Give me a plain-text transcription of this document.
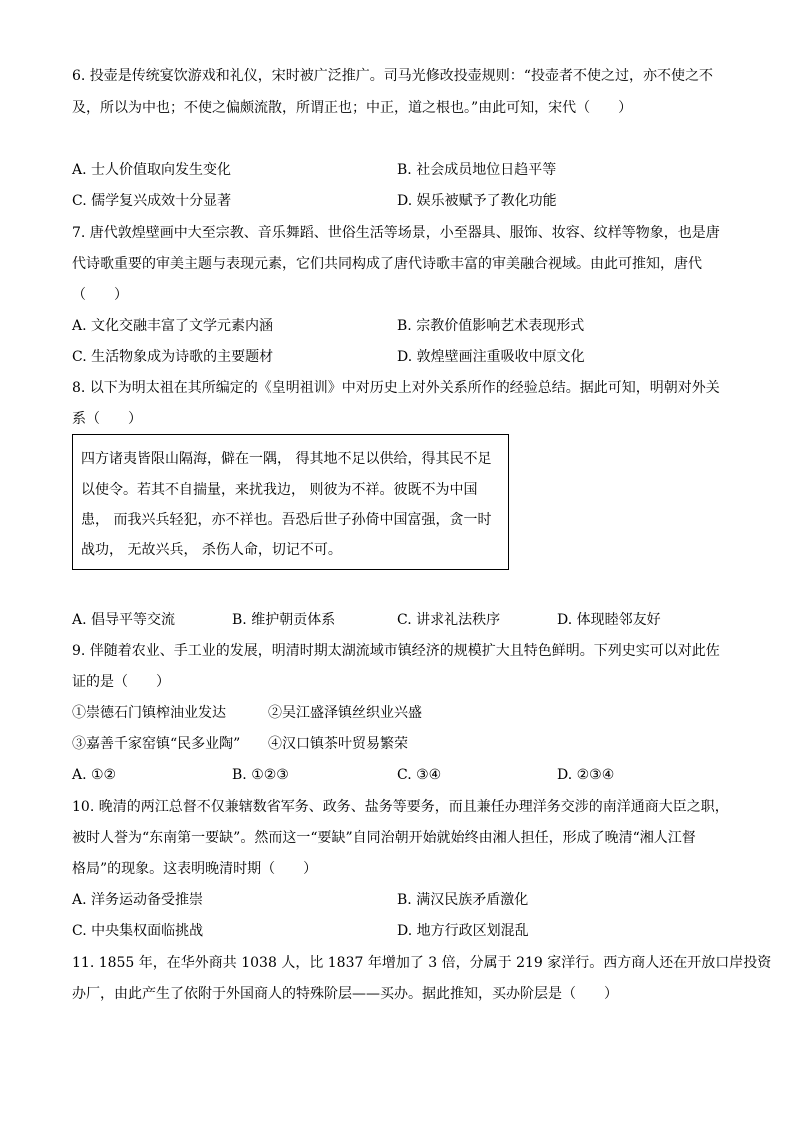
6. 投壶是传统宴饮游戏和礼仪，宋时被广泛推广。司马光修改投壶规则：“投壶者不使之过，亦不使之不
及，所以为中也；不使之偏颇流散，所谓正也；中正，道之根也。”由此可知，宋代（　　）
A. 士人价值取向发生变化	B. 社会成员地位日趋平等
C. 儒学复兴成效十分显著	D. 娱乐被赋予了教化功能
7. 唐代敦煌壁画中大至宗教、音乐舞蹈、世俗生活等场景，小至器具、服饰、妆容、纹样等物象，也是唐
代诗歌重要的审美主题与表现元素，它们共同构成了唐代诗歌丰富的审美融合视域。由此可推知，唐代
（　　）
A. 文化交融丰富了文学元素内涵	B. 宗教价值影响艺术表现形式
C. 生活物象成为诗歌的主要题材	D. 敦煌壁画注重吸收中原文化
8. 以下为明太祖在其所编定的《皇明祖训》中对历史上对外关系所作的经验总结。据此可知，明朝对外关
系（　　）
四方诸夷皆限山隔海，僻在一隅， 得其地不足以供给，得其民不足
以使令。若其不自揣量，来扰我边， 则彼为不祥。彼既不为中国
患， 而我兴兵轻犯，亦不祥也。吾恐后世子孙倚中国富强，贪一时
战功， 无故兴兵， 杀伤人命，切记不可。
A. 倡导平等交流	B. 维护朝贡体系	C. 讲求礼法秩序	D. 体现睦邻友好
9. 伴随着农业、手工业的发展，明清时期太湖流域市镇经济的规模扩大且特色鲜明。下列史实可以对此佐
证的是（　　）
①崇德石门镇榨油业发达	②吴江盛泽镇丝织业兴盛
③嘉善千家窑镇“民多业陶” ④汉口镇茶叶贸易繁荣
A. ①②	B. ①②③	C. ③④	D. ②③④
10. 晚清的两江总督不仅兼辖数省军务、政务、盐务等要务，而且兼任办理洋务交涉的南洋通商大臣之职，
被时人誉为“东南第一要缺”。然而这一“要缺”自同治朝开始就始终由湘人担任，形成了晚清“湘人江督
格局”的现象。这表明晚清时期（　　）
A. 洋务运动备受推崇	B. 满汉民族矛盾激化
C. 中央集权面临挑战	D. 地方行政区划混乱
11. 1855 年，在华外商共 1038 人，比 1837 年增加了 3 倍，分属于 219 家洋行。西方商人还在开放口岸投资
办厂，由此产生了依附于外国商人的特殊阶层——买办。据此推知，买办阶层是（　　）
